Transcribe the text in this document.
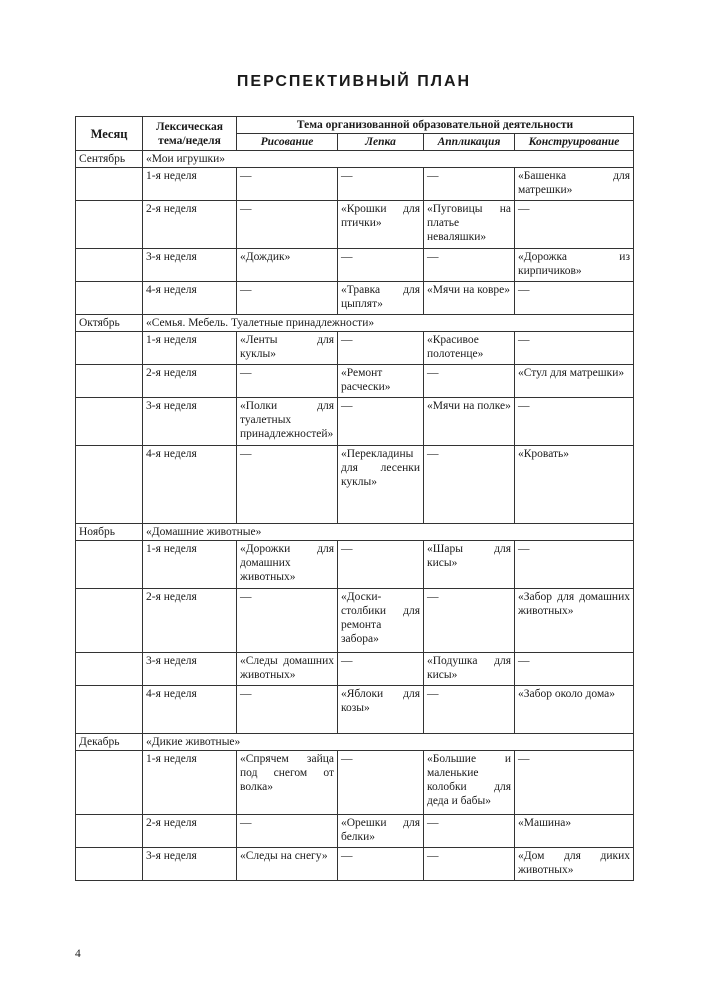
ПЕРСПЕКТИВНЫЙ ПЛАН
Месяц	Лексическая тема/неделя	Тема организованной образовательной деятельности			
		Рисование	Лепка	Аппликация	Конструирование
Сентябрь	«Мои игрушки»				
	1-я неделя	—	—	—	«Башенка для матрешки»
	2-я неделя	—	«Крошки для птички»	«Пуговицы на платье неваляшки»	—
	3-я неделя	«Дождик»	—	—	«Дорожка из кирпичиков»
	4-я неделя	—	«Травка для цыплят»	«Мячи на ковре»	—
Октябрь	«Семья. Мебель. Туалетные принадлежности»				
	1-я неделя	«Ленты для куклы»	—	«Красивое полотенце»	—
	2-я неделя	—	«Ремонт расчески»	—	«Стул для матрешки»
	3-я неделя	«Полки для туалетных принадлежностей»	—	«Мячи на полке»	—
	4-я неделя	—	«Перекладины для лесенки куклы»	—	«Кровать»
Ноябрь	«Домашние животные»				
	1-я неделя	«Дорожки для домашних животных»	—	«Шары для кисы»	—
	2-я неделя	—	«Доски-столбики для ремонта забора»	—	«Забор для домашних животных»
	3-я неделя	«Следы домашних животных»	—	«Подушка для кисы»	—
	4-я неделя	—	«Яблоки для козы»	—	«Забор около дома»
Декабрь	«Дикие животные»				
	1-я неделя	«Спрячем зайца под снегом от волка»	—	«Большие и маленькие колобки для деда и бабы»	—
	2-я неделя	—	«Орешки для белки»	—	«Машина»
	3-я неделя	«Следы на снегу»	—	—	«Дом для диких животных»
4
